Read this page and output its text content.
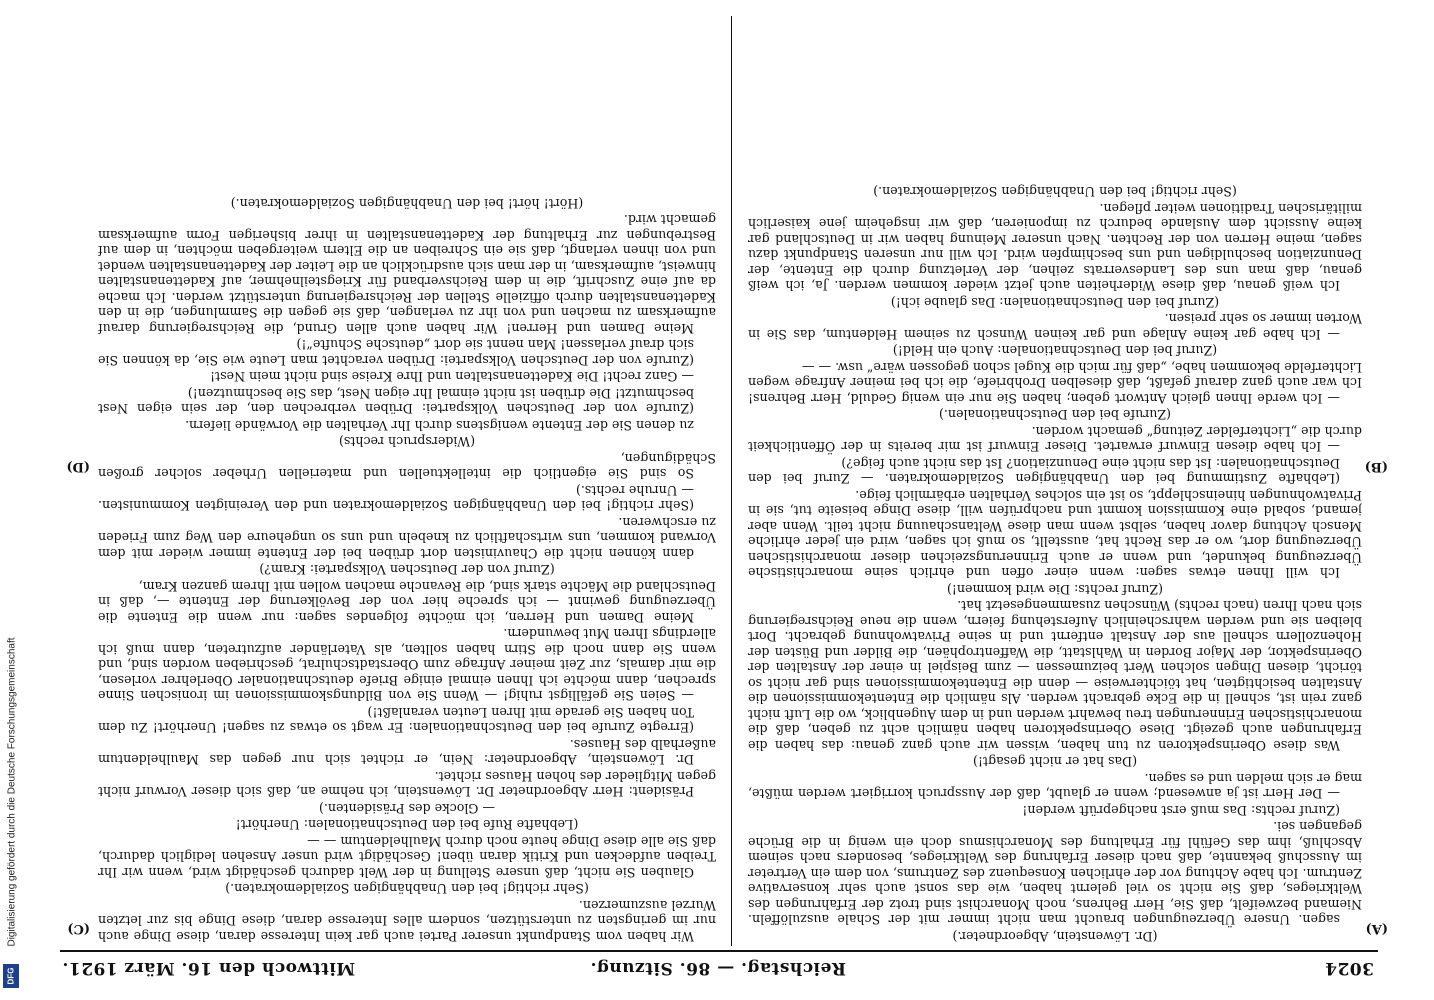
Digitalisierung gefördert durch die Deutsche Forschungsgemeinschaft
DFG	3024
Reichstag. — 86. Sitzung.
Mittwoch den 16. März 1921.
(A)
(B)
(C)
(D)

(Dr. Löwenstein, Abgeordneter.)

sagen. Unsere Überzeugungen braucht man nicht immer mit der Schale auszulöffeln. Niemand bezweifelt, daß Sie, Herr Behrens, noch Monarchist sind trotz der Erfahrungen des Weltkrieges, daß Sie nicht so viel gelernt haben, wie das sonst auch sehr konservative Zentrum. Ich habe Achtung vor der ehrlichen Konsequenz des Zentrums, von dem ein Vertreter im Ausschuß bekannte, daß nach dieser Erfahrung des Weltkrieges, besonders nach seinem Abschluß, ihm das Gefühl für Erhaltung des Monarchismus doch ein wenig in die Brüche gegangen sei.

(Zuruf rechts: Das muß erst nachgeprüft werden!

— Der Herr ist ja anwesend; wenn er glaubt, daß der Ausspruch korrigiert werden müßte, mag er sich melden und es sagen.

(Das hat er nicht gesagt!)

Was diese Oberinspektoren zu tun haben, wissen wir auch ganz genau: das haben die Erfahrungen auch gezeigt. Diese Oberinspektoren haben nämlich acht zu geben, daß die monarchistischen Erinnerungen treu bewahrt werden und in dem Augenblick, wo die Luft nicht ganz rein ist, schnell in die Ecke gebracht werden. Als nämlich die Ententekommissionen die Anstalten besichtigten, hat töichterweise — denn die Ententekommissionen sind gar nicht so töricht, diesen Dingen solchen Wert beizumessen — zum Beispiel in einer der Anstalten der Oberinspektor, der Major Borden in Wahlstatt, die Waffentrophäen, die Bilder und Büsten der Hohenzollern schnell aus der Anstalt entfernt und in seine Privatwohnung gebracht. Dort bleiben sie und werden wahrscheinlich Auferstehung feiern, wenn die neue Reichsregierung sich nach Ihren (nach rechts) Wünschen zusammengesetzt hat.

(Zuruf rechts: Die wird kommen!)

Ich will Ihnen etwas sagen: wenn einer offen und ehrlich seine monarchistische Überzeugung bekundet, und wenn er auch Erinnerungszeichen dieser monarchistischen Überzeugung dort, wo er das Recht hat, ausstellt, so muß ich sagen, wird ein jeder ehrliche Mensch Achtung davor haben, selbst wenn man diese Weltanschauung nicht teilt. Wenn aber jemand, sobald eine Kommission kommt und nachprüfen will, diese Dinge beiseite tut, sie in Privatwohnungen hineinschleppt, so ist ein solches Verhalten erbärmlich feige.

(Lebhafte Zustimmung bei den Unabhängigen Sozialdemokraten. — Zuruf bei den Deutschnationalen: Ist das nicht eine Denunziation? Ist das nicht auch feige?)

— Ich habe diesen Einwurf erwartet. Dieser Einwurf ist mir bereits in der Öffentlichkeit durch die „Lichterfelder Zeitung“ gemacht worden.

(Zurufe bei den Deutschnationalen.)

— Ich werde Ihnen gleich Antwort geben; haben Sie nur ein wenig Geduld, Herr Behrens! Ich war auch ganz darauf gefaßt, daß dieselben Drohbriefe, die ich bei meiner Anfrage wegen Lichterfelde bekommen habe, „daß für mich die Kugel schon gegossen wäre“ usw. — —

(Zuruf bei den Deutschnationalen: Auch ein Held!)

— Ich habe gar keine Anlage und gar keinen Wunsch zu seinem Heldentum, das Sie in Worten immer so sehr preisen.

(Zuruf bei den Deutschnationalen: Das glaube ich!)

Ich weiß genau, daß diese Widerheiten auch jetzt wieder kommen werden. Ja, ich weiß genau, daß man uns des Landesverrats zeihen, der Verletzung durch die Entente, der Denunziation beschuldigen und uns beschimpfen wird. Ich will nur unseren Standpunkt dazu sagen, meine Herren von der Rechten. Nach unserer Meinung haben wir in Deutschland gar keine Aussicht dem Auslande bedurch zu imponieren, daß wir insgeheim jene kaiserlich militärischen Traditionen weiter pflegen.

(Sehr richtig! bei den Unabhängigen Sozialdemokraten.)

Wir haben vom Standpunkt unserer Partei auch gar kein Interesse daran, diese Dinge auch nur im geringsten zu unterstützen, sondern alles Interesse daran, diese Dinge bis zur letzten Wurzel auszumerzen.

(Sehr richtig! bei den Unabhängigen Sozialdemokraten.)

Glauben Sie nicht, daß unsere Stellung in der Welt dadurch geschädigt wird, wenn wir Ihr Treiben aufdecken und Kritik daran üben! Geschädigt wird unser Ansehen lediglich dadurch, daß Sie alle diese Dinge heute noch durch Maulheldentum — —

(Lebhafte Rufe bei den Deutschnationalen: Unerhört!

— Glocke des Präsidenten.)

Präsident: Herr Abgeordneter Dr. Löwenstein, ich nehme an, daß sich dieser Vorwurf nicht gegen Mitglieder des hohen Hauses richtet.

Dr. Löwenstein, Abgeordneter: Nein, er richtet sich nur gegen das Maulheldentum außerhalb des Hauses.

(Erregte Zurufe bei den Deutschnationalen: Er wagt so etwas zu sagen! Unerhört! Zu dem Ton haben Sie gerade mit Ihren Leuten veranlaßt!)

— Seien Sie gefälligst ruhig! — Wenn Sie von Bildungskommissionen im ironischen Sinne sprechen, dann möchte ich Ihnen einmal einige Briefe deutschnationaler Oberlehrer vorlesen, die mir damals, zur Zeit meiner Anfrage zum Oberstadtschulrat, geschrieben worden sind, und wenn Sie dann noch die Stirn haben sollten, als Vaterländer aufzutreten, dann muß ich allerdings Ihren Mut bewundern.

Meine Damen und Herren, ich möchte folgendes sagen: nur wenn die Entente die Überzeugung gewinnt — ich spreche hier von der Bevölkerung der Entente —, daß in Deutschland die Mächte stark sind, die Revanche machen wollen mit Ihrem ganzen Kram,

(Zuruf von der Deutschen Volkspartei: Kram?)

dann können nicht die Chauvinisten dort drüben bei der Entente immer wieder mit dem Vorwand kommen, uns wirtschaftlich zu knebeln und uns so ungeheure den Weg zum Frieden zu erschweren.

(Sehr richtig! bei den Unabhängigen Sozialdemokraten und den Vereinigten Kommunisten. — Unruhe rechts.)

So sind Sie eigentlich die intellektuellen und materiellen Urheber solcher großen Schädigungen,

(Widerspruch rechts)

zu denen Sie der Entente wenigstens durch Ihr Verhalten die Vorwände liefern.

(Zurufe von der Deutschen Volkspartei: Drüben verbrechen den, der sein eigen Nest beschmutzt! Die drüben ist nicht einmal Ihr eigen Nest, das Sie beschmutzen!)

— Ganz recht! Die Kadettenanstalten und Ihre Kreise sind nicht mein Nest!

(Zurufe von der Deutschen Volkspartei: Drüben verachtet man Leute wie Sie, da können Sie sich drauf verlassen! Man nennt sie dort „deutsche Schufte“!)

Meine Damen und Herren! Wir haben auch allen Grund, die Reichsregierung darauf aufmerksam zu machen und von ihr zu verlangen, daß sie gegen die Sammlungen, die in den Kadettenanstalten durch offizielle Stellen der Reichsregierung unterstützt werden. Ich mache da auf eine Zuschrift, die in dem Reichsverband für Kriegsteilnehmer, auf Kadettenanstalten hinweist, aufmerksam, in der man sich ausdrücklich an die Leiter der Kadettenanstalten wendet und von ihnen verlangt, daß sie ein Schreiben an die Eltern weitergeben möchten, in dem auf Bestrebungen zur Erhaltung der Kadettenanstalten in ihrer bisherigen Form aufmerksam gemacht wird.

(Hört! hört! bei den Unabhängigen Sozialdemokraten.)
